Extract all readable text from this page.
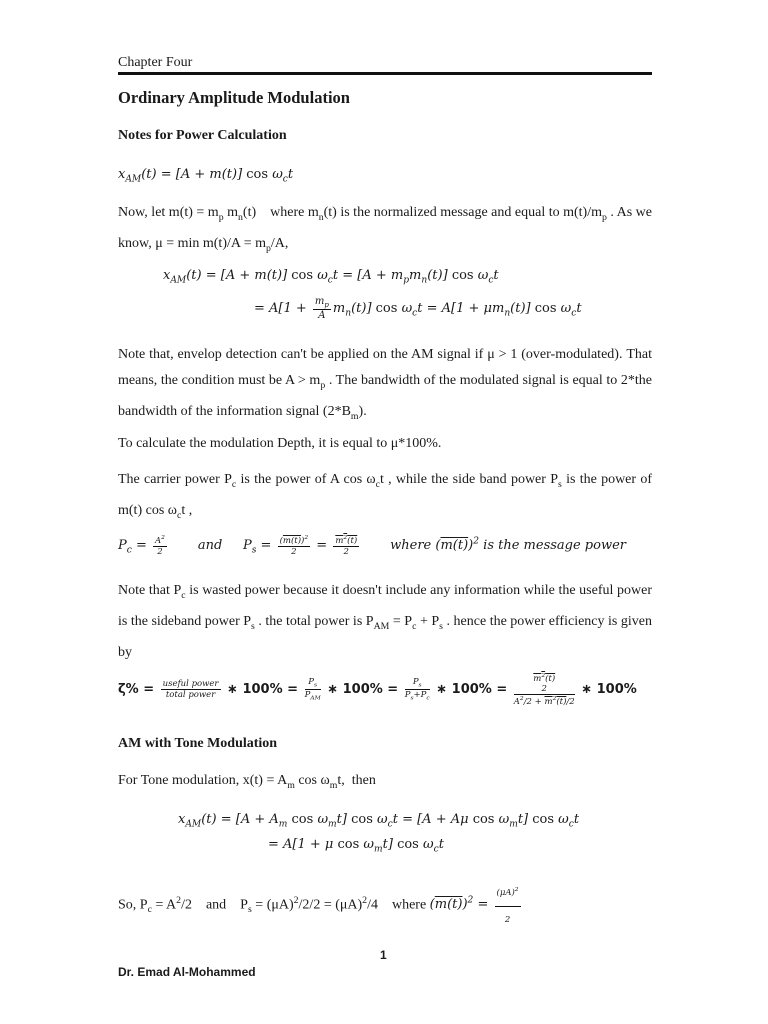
Chapter Four
Ordinary Amplitude Modulation
Notes for Power Calculation
$x_{AM}(t) = [A + m(t)]$ $\cos \omega_ct$
Now, let $m(t) = m_p$ $m_n(t)$    where $m_n(t)$ is the normalized message and equal to $m(t)/m_p$ . As we know, $\mu = \min m(t)/A = m_p/A$,
$x_{AM}(t) = [A + m(t)]$ $\cos \omega_ct = [A + m_pm_n(t)]$ $\cos \omega_ct$
= $A[1 + \frac{m_p}{A} m_n(t)]$ $\cos \omega_ct = A[1 + \mu m_n(t)]$ $\cos \omega_ct$
Note that, envelop detection can't be applied on the AM signal if μ > 1 (over-modulated). That means, the condition must be $A > m_p$ . The bandwidth of the modulated signal is equal to 2*the bandwidth of the information signal $(2*B_m)$.
To calculate the modulation Depth, it is equal to μ*100%.
The carrier power $P_c$ is the power of A $\cos \omega_ct$ , while the side band power $P_s$ is the power of m(t) $\cos \omega_ct$ ,
$P_c = \frac{A^2}{2}$ and     $P_s = \frac{(m(t))^2}{2} = \frac{m^2(t)}{2}$ where $(m(t))^2$ is the message power
Note that $P_c$ is wasted power because it doesn't include any information while the useful power is the sideband power $P_s$ . the total power is $P_{AM} = P_c + P_s$ . hence the power efficiency is given by
$\zeta\% = \frac{\text{useful power}}{\text{total power}}$ ∗ $100\% = \frac{P_s}{P_{AM}}$ ∗ $100\% = \frac{P_s}{P_s+P_c}$ ∗ 100% =
$m^2(t)$
2
$A^2/2 + m^2(t)/2$
∗ 100%
AM with Tone Modulation
For Tone modulation, $x(t) = A_m$ $\cos \omega_mt$,  then
$x_{AM}(t) = [A + A_m$ $\cos \omega_mt$] $\cos \omega_ct = [A + A\mu$ $\cos \omega_mt$] $\cos \omega_ct$
= A[1 + μ $\cos \omega_mt$] $\cos \omega_ct$
So, $P_c = A^2/2$    and    $P_s = (\mu A)^2/2/2 = (\mu A)^2/4$    where $(m(t))^2 = \frac{(\mu A)^2}{2}$
1
Dr. Emad Al-Mohammed
